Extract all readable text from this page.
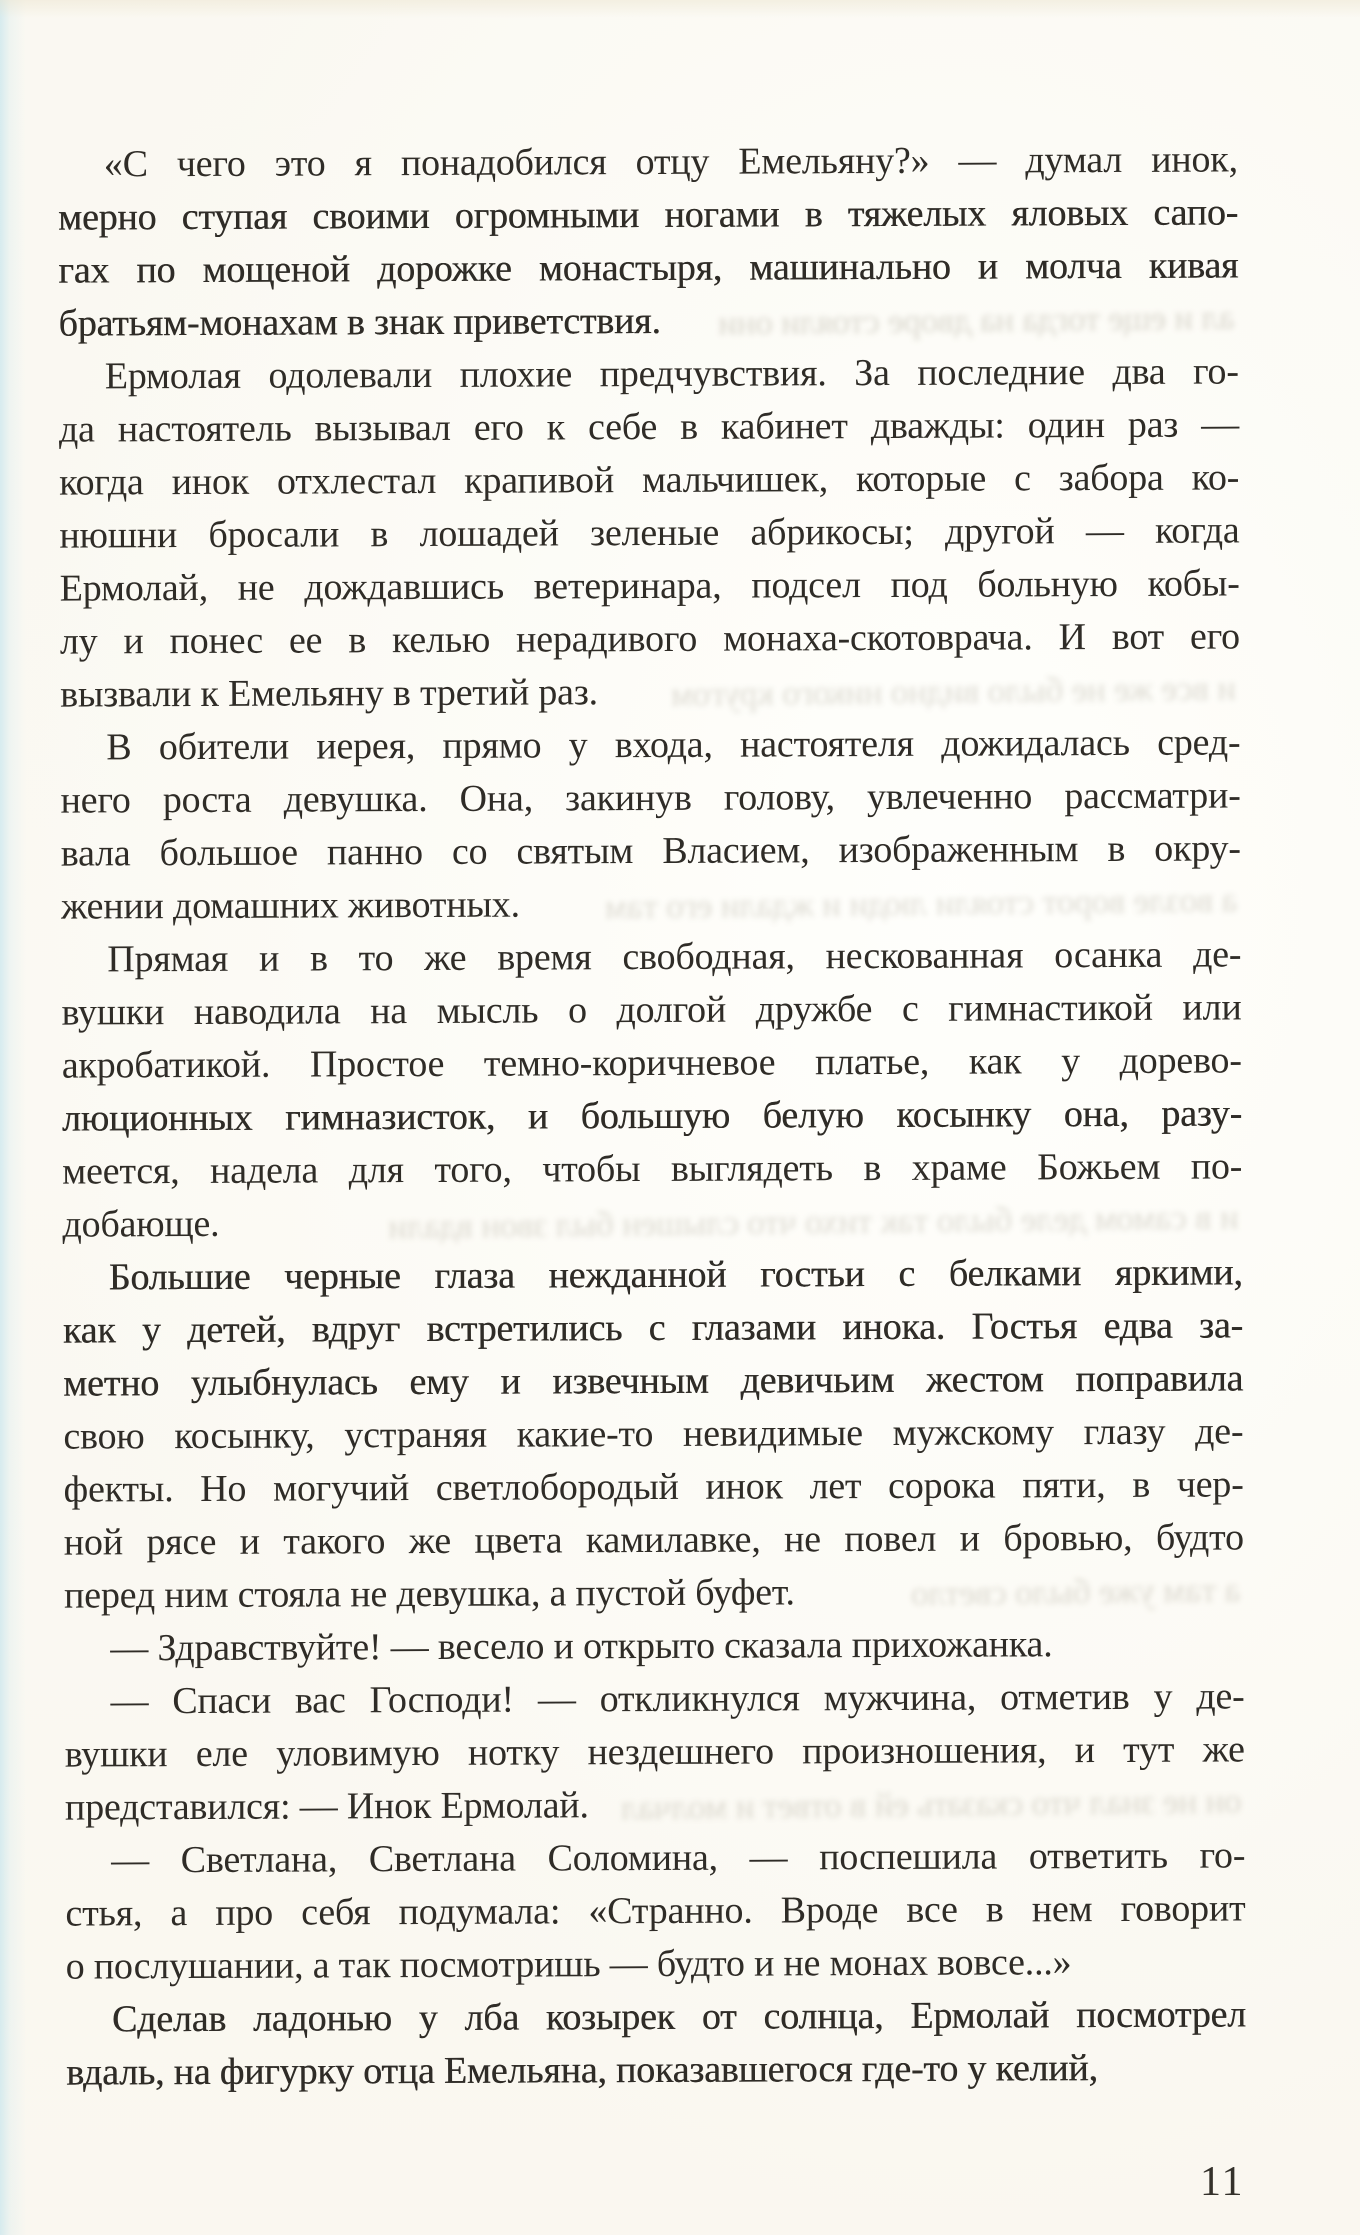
«С чего это я понадобился отцу Емельяну?» — думал инок,
мерно ступая своими огромными ногами в тяжелых яловых сапо-
гах по мощеной дорожке монастыря, машинально и молча кивая
братьям-монахам в знак приветствия. ал и еще тогда на дворе стояли они
Ермолая одолевали плохие предчувствия. За последние два го-
да настоятель вызывал его к себе в кабинет дважды: один раз —
когда инок отхлестал крапивой мальчишек, которые с забора ко-
нюшни бросали в лошадей зеленые абрикосы; другой — когда
Ермолай, не дождавшись ветеринара, подсел под больную кобы-
лу и понес ее в келью нерадивого монаха-скотоврача. И вот его
вызвали к Емельяну в третий раз. и все же не было видно никого кругом
В обители иерея, прямо у входа, настоятеля дожидалась сред-
него роста девушка. Она, закинув голову, увлеченно рассматри-
вала большое панно со святым Власием, изображенным в окру-
жении домашних животных. а возле ворот стояли люди и ждали его там
Прямая и в то же время свободная, нескованная осанка де-
вушки наводила на мысль о долгой дружбе с гимнастикой или
акробатикой. Простое темно-коричневое платье, как у дорево-
люционных гимназисток, и большую белую косынку она, разу-
меется, надела для того, чтобы выглядеть в храме Божьем по-
добающе.	и в самом деле было так тихо что слышен был звон вдали
Большие черные глаза нежданной гостьи с белками яркими,
как у детей, вдруг встретились с глазами инока. Гостья едва за-
метно улыбнулась ему и извечным девичьим жестом поправила
свою косынку, устраняя какие-то невидимые мужскому глазу де-
фекты. Но могучий светлобородый инок лет сорока пяти, в чер-
ной рясе и такого же цвета камилавке, не повел и бровью, будто
перед ним стояла не девушка, а пустой буфет.	а там уже было светло
— Здравствуйте! — весело и открыто сказала прихожанка.
— Спаси вас Господи! — откликнулся мужчина, отметив у де-
вушки еле уловимую нотку нездешнего произношения, и тут же
представился: — Инок Ермолай. он не знал что сказать ей в ответ и молчал
— Светлана, Светлана Соломина, — поспешила ответить го-
стья, а про себя подумала: «Странно. Вроде все в нем говорит
о послушании, а так посмотришь — будто и не монах вовсе...»
Сделав ладонью у лба козырек от солнца, Ермолай посмотрел
вдаль, на фигурку отца Емельяна, показавшегося где-то у келий,
11
